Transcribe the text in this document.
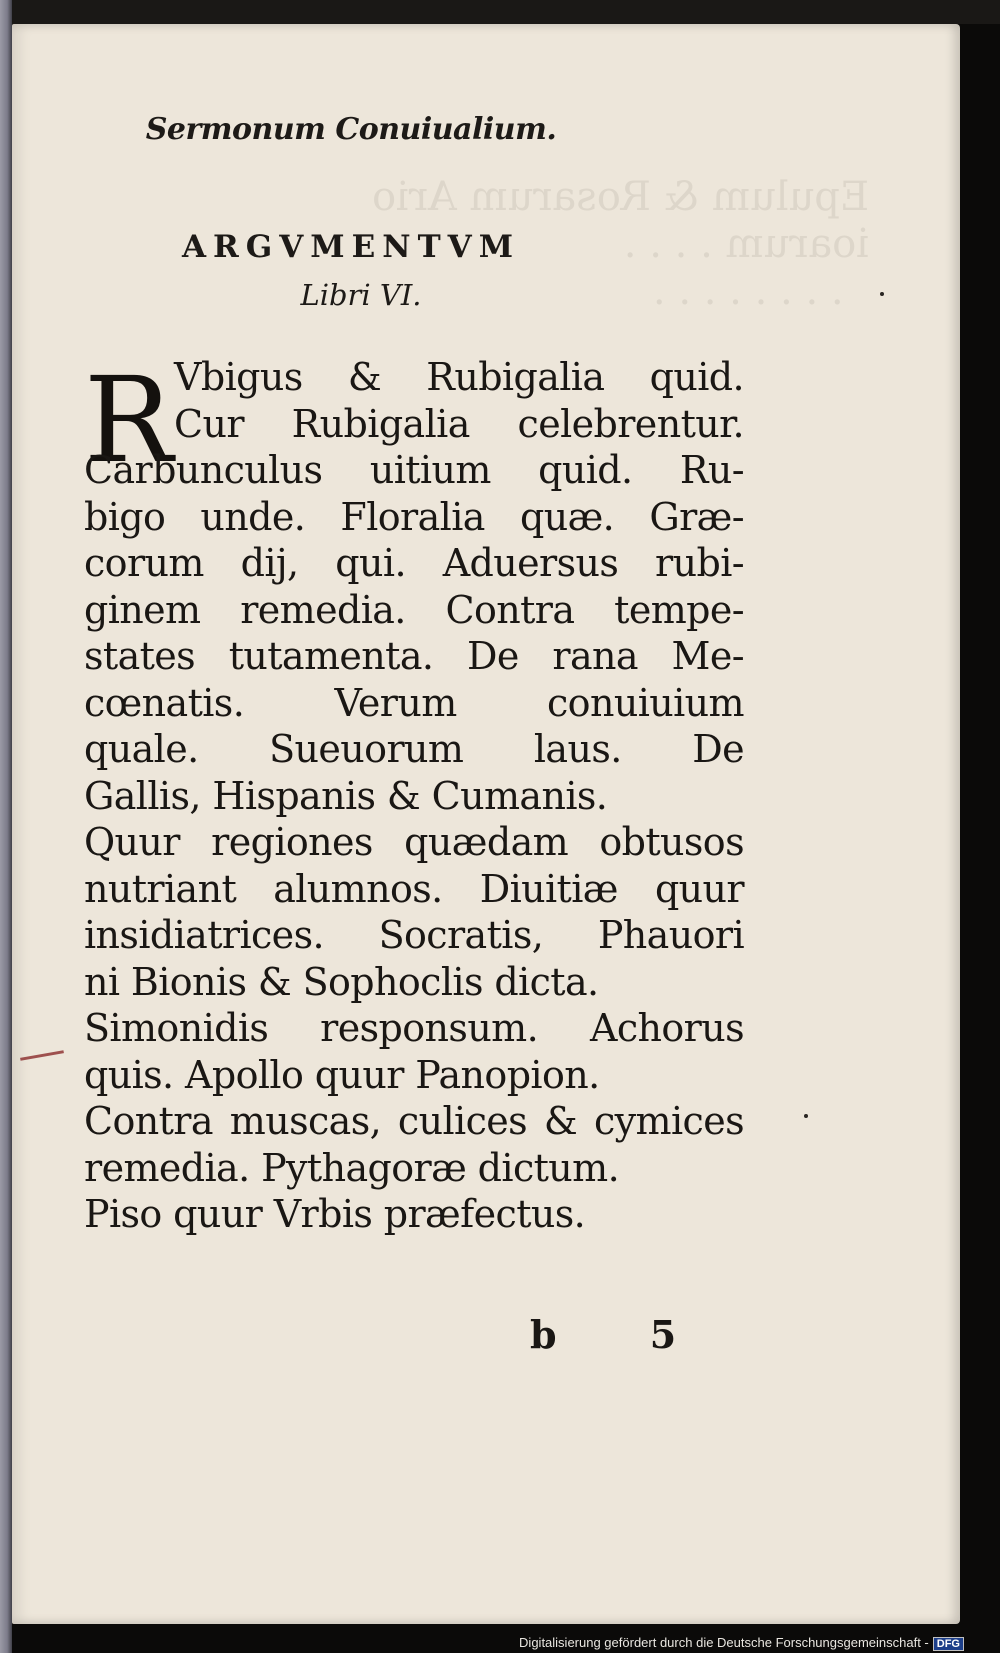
Epulum & Rosarum Ario
ioarum . . . .
. . . . . . . .
Sermonum Conuiualium.
ARGVMENTVM
Libri VI.
R Vbigus & Rubigalia quid.
Cur Rubigalia celebrentur.
Carbunculus uitium quid. Ru-
bigo unde. Floralia quæ. Græ-
corum dij, qui. Aduersus rubi-
ginem remedia. Contra tempe-
states tutamenta. De rana Me-
cœnatis. Verum conuiuium
quale. Sueuorum laus. De
Gallis, Hispanis & Cumanis.
Quur regiones quædam obtusos
nutriant alumnos. Diuitiæ quur
insidiatrices. Socratis, Phauori
ni Bionis & Sophoclis dicta.
Simonidis responsum. Achorus
quis. Apollo quur Panopion.
Contra muscas, culices & cymices
remedia. Pythagoræ dictum.
Piso quur Vrbis præfectus.
b 5
Digitalisierung gefördert durch die Deutsche Forschungsgemeinschaft - DFG
